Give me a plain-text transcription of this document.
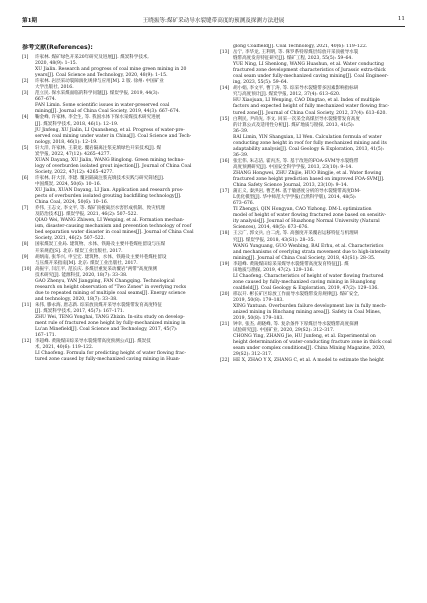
第1期	王晓振等:煤矿采动导水裂缝带高度的预测及探测方法进展	11
参考文献(References):
[1]	许家林. 煤矿绿色开采20年研究及进展[J]. 煤炭科学技术,
2020, 48(9): 1–15.
XU Jialin. Research and progress of coal mine green mining in 20
years[J]. Coal Science and Technology, 2020, 48(9): 1–15.
[2]	许家林. 岩层采动裂隙演化规律与应用[M]. 2 版. 徐州: 中国矿业
大学出版社, 2016.
[3]	范立民. 保水采煤面临的科学问题[J]. 煤炭学报, 2019, 44(3):
667–674.
FAN Limin. Some scientific issues in water-preserved coal
mining[J]. Journal of China Coal Society, 2019, 44(3): 667–674.
[4]	鞠金峰, 许家林, 李全生, 等. 我国水体下保水采煤技术研究进展
[J]. 煤炭科学技术, 2018, 46(1): 12–19.
JU Jinfeng, XU Jialin, LI Quansheng, et al. Progress of water-pre-
served coal mining under water in China[J]. Coal Science and Tech-
nology, 2018, 46(1): 12–19.
[5]	轩大洋, 许家林, 王秉龙. 覆岩隔离注浆充填绿色开采技术[J]. 煤
炭学报, 2022, 47(12): 4265–4277.
XUAN Dayang, XU Jialin, WANG Binglong. Green mining techno-
logy of overburden isolated grout injection[J]. Journal of China Coal
Society, 2022, 47(12): 4265–4277.
[6]	许家林, 轩大洋, 李建. 覆岩隔离注浆充填技术实践与研究简述[J].
中国煤炭, 2024, 50(6): 10–16.
XU Jialin, XUAN Dayang, LI Jian. Application and research pros-
pects of overburden isolated grouting backfilling technology[J].
China Coal, 2024, 50(6): 10–16.
[7]	乔伟, 王志文, 李文平, 等. 煤矿顶板离层水害形成机制、致灾机理
及防治技术[J]. 煤炭学报, 2021, 46(2): 507–522.
QIAO Wei, WANG Zhiwen, LI Wenping, et al. Formation mechan-
ism, disaster-causing mechanism and prevention technology of roof
bed separation water disaster in coal mines[J]. Journal of China Coal
Society, 2021, 46(2): 507–522.
[8]	国家煤炭工业局. 建筑物、水体、铁路及主要井巷煤柱留设与压煤
开采规范[S]. 北京: 煤炭工业出版社, 2017.
[9]	胡炳南, 张华兴, 申宝宏. 建筑物、水体、铁路及主要井巷煤柱留设
与压煤开采指南[M]. 北京: 煤炭工业出版社, 2017.
[10] 高振宇, 闫江平, 范长庆. 多煤层重复采动覆岩"两带"高度预测
技术研究[J]. 能源科技, 2020, 18(7): 33–38.
GAO Zhenyu, YAN Jiangping, FAN Changqing. Technological
research on height observation of "Two Zones" in overlying rocks
due to repeated mining of multiple coal seams[J]. Energy science
and technology, 2020, 18(7): 33–38.
[11] 朱伟, 滕永海, 唐志新. 综采放顶煤开采导水裂缝带发育高度特征
[J]. 煤炭科学技术, 2017, 45(7): 167–171.
ZHU Wei, TENG Yonghai, TANG Zhixin. In-situ study on develop-
ment rule of fractured zone height by fully-mechanized mining in
Lu'an Minefield[J]. Coal Science and Technology, 2017, 45(7):
167–171.
[12] 李超峰. 黄陵煤田综采导水裂缝带高度预测公式[J]. 煤炭技
术, 2021, 40(6): 119–122.
LI Chaofeng. Formula for predicting height of water flowing frac-
tured zone caused by fully-mechanized caving mining in Huan-
glong Coalfield[J]. Coal Technology, 2021, 40(6): 119–122.
[13] 岳宁, 李华龙, 王利明, 等. 侏罗系特厚煤层综放开采顶板导水裂
缝带高度发育特征研究[J]. 煤矿工程, 2023, 55(5): 59–64.
YUE Ning, LI Shenlong, WANG Huashun, et al. Water conducting
fractured zone development characteristics of Jurassic extra-thick
coal seam under fully-mechanized caving mining[J]. Coal Engineer-
ing, 2023, 55(5): 59–64.
[14] 胡小娟, 李文平, 曹丁涛, 等. 综采导水裂缝带多因素影响指标研
究与高度预计[J]. 煤炭学报, 2012, 37(4): 613–620.
HU Xiaojuan, LI Wenping, CAO Dingtao, et al. Index of multiple
factors and expected height of fully mechanized water flowing frac-
tured zone[J]. Journal of China Coal Society, 2012, 37(4): 613–620.
[15] 白利民, 尹尚先, 李文. 回采一次采全高煤层导水裂缝带发育高度
的计算公式及适用性分析[J]. 煤矿地质与勘探, 2013, 41(5):
36–39.
BAI Limin, YIN Shangxian, LI Wen. Calculation formula of water
conducting zone height in roof for fully mechanized mining and its
adaptability analysis[J]. Coal Geology & Exploration, 2013, 41(5):
36–39.
[16] 张宏伟, 朱志洁, 霍丙杰, 等. 基于改进的FOA-SVM导水裂缝带
高度预测研究[J]. 中国安全科学学报, 2013, 23(10): 9–14.
ZHANG Hongwei, ZHU Zhijie, HUO Bingjie, et al. Water flowing
fractured zone height prediction based on improved FOA-SVM[J].
China Safety Science Journal, 2013, 23(10): 9–14.
[17] 蒲正义, 秦洪岩, 曹艺林. 基于敏感度分析的导水裂缝带高度DM-
L优化模型[J]. 华中师范大学学报(自然科学版), 2014, 48(5):
673–676.
TI Zhengyi, QIN Hongyan, CAO Yizhong. DM-L optimization
model of height of water flowing fractured zone based on sensitiv-
ity analysis[J]. Journal of Huazhong Normal University (Natural
Sciences), 2014, 48(5): 673–676.
[18] 王云广, 郭文兵, 白二虎, 等. 高强度开采覆岩运移特征与机理研
究[J]. 煤炭学报, 2018, 43(S1): 28–35.
WANG Yunguang, GUO Wenbing, BAI Erhu, et al. Characteristics
and mechanisms of overlying strata movement due to high-intensity
mining[J]. Journal of China Coal Society, 2018, 43(S1): 28–35.
[19] 李超峰. 黄陵煤田综采采煤导水裂缝带高度发育特征[J]. 煤
田地质与勘探, 2019, 47(2): 129–136.
LI Chaofeng. Characteristics of height of water flowing fractured
zone caused by fully-mechanized caving mining in Huanglong
coalfield[J]. Coal Geology & Exploration, 2019, 47(2): 129–136.
[20] 邢以开. 彬长矿区综放工作面导水裂缝带发育规律[J]. 煤矿安全,
2019, 50(8): 179–183.
XING Yantuan. Overburden failure development law in fully mech-
anized mining in Binchang mining area[J]. Safety in Coal Mines,
2019, 50(8): 179–183.
[21] 钟幸, 张杰, 胡晓峰, 等. 复杂条件下厚煤层导水裂缝带高度探测
试验研究[J]. 中国矿业, 2020, 29(S2): 312–317.
CHONG Ying, ZHANG Jie, HU Junfeng, et al. Experimental on
height determination of water-conducting fracture zone in thick coal
seam under complex conditions[J]. China Mining Magazine, 2020,
29(S2): 312–317.
[22] HE X, ZHAO Y X, ZHANG C, et al. A model to estimate the height
